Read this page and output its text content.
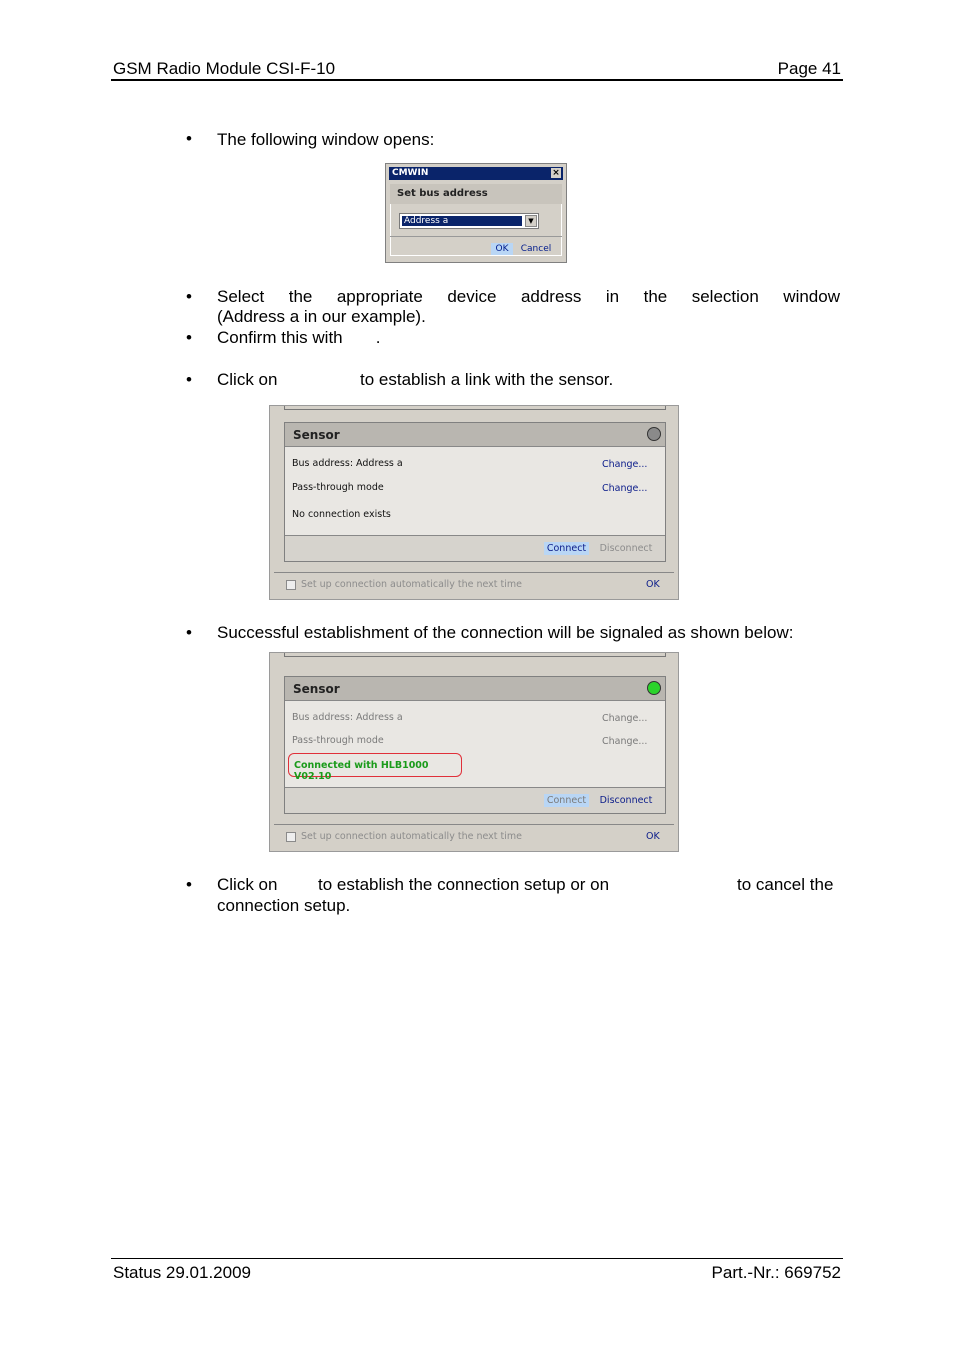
GSM Radio Module CSI-F-10	Page 41
• The following window opens:
CMWIN	×
Set bus address
Address a	▼
OK	Cancel
• Select the appropriate device address in the selection window
(Address a in our example).
• Confirm this with       .
• Click on	to establish a link with the sensor.
Sensor
Bus address: Address a	Change...
Pass-through mode	Change...
No connection exists
Connect	Disconnect
Set up connection automatically the next time	OK
• Successful establishment of the connection will be signaled as shown below:
Sensor
Bus address: Address a	Change...
Pass-through mode	Change...
Connected with HLB1000 V02.10
Connect	Disconnect
Set up connection automatically the next time	OK
• Click on to establish the connection setup or on	to cancel the
connection setup.
Status 29.01.2009	Part.-Nr.: 669752
